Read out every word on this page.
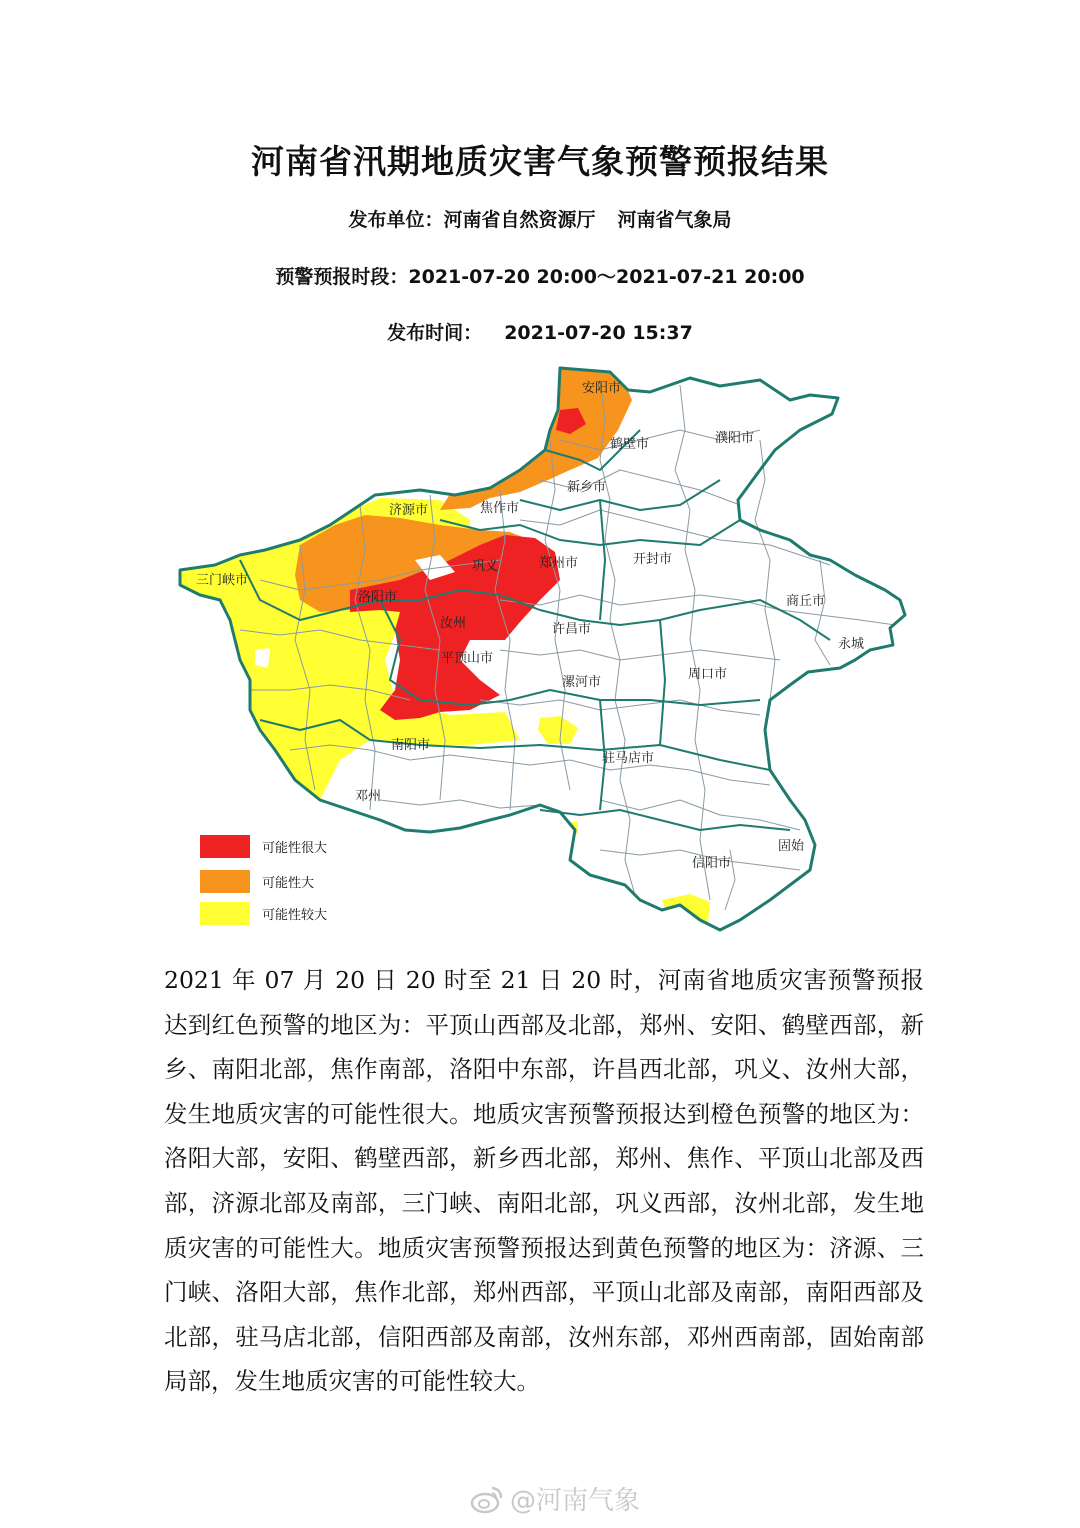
河南省汛期地质灾害气象预警预报结果
发布单位：河南省自然资源厅 河南省气象局
预警预报时段：2021-07-20 20:00～2021-07-21 20:00
发布时间： 2021-07-20 15:37
安阳市
鹤壁市	濮阳市
新乡市
济源市	焦作市
郑州市	开封市
三门峡市
巩义
洛阳市
汝州	许昌市
商丘市
永城
平顶山市
漯河市
周口市
南阳市
驻马店市
邓州
固始
信阳市
可能性很大
可能性大
可能性较大
2021 年 07 月 20 日 20 时至 21 日 20 时，河南省地质灾害预警预报达到红色预警的地区为：平顶山西部及北部，郑州、安阳、鹤壁西部，新乡、南阳北部，焦作南部，洛阳中东部，许昌西北部，巩义、汝州大部，发生地质灾害的可能性很大。地质灾害预警预报达到橙色预警的地区为：洛阳大部，安阳、鹤壁西部，新乡西北部，郑州、焦作、平顶山北部及西部，济源北部及南部，三门峡、南阳北部，巩义西部，汝州北部，发生地质灾害的可能性大。地质灾害预警预报达到黄色预警的地区为：济源、三门峡、洛阳大部，焦作北部，郑州西部，平顶山北部及南部，南阳西部及北部，驻马店北部，信阳西部及南部，汝州东部，邓州西南部，固始南部局部，发生地质灾害的可能性较大。
@河南气象
